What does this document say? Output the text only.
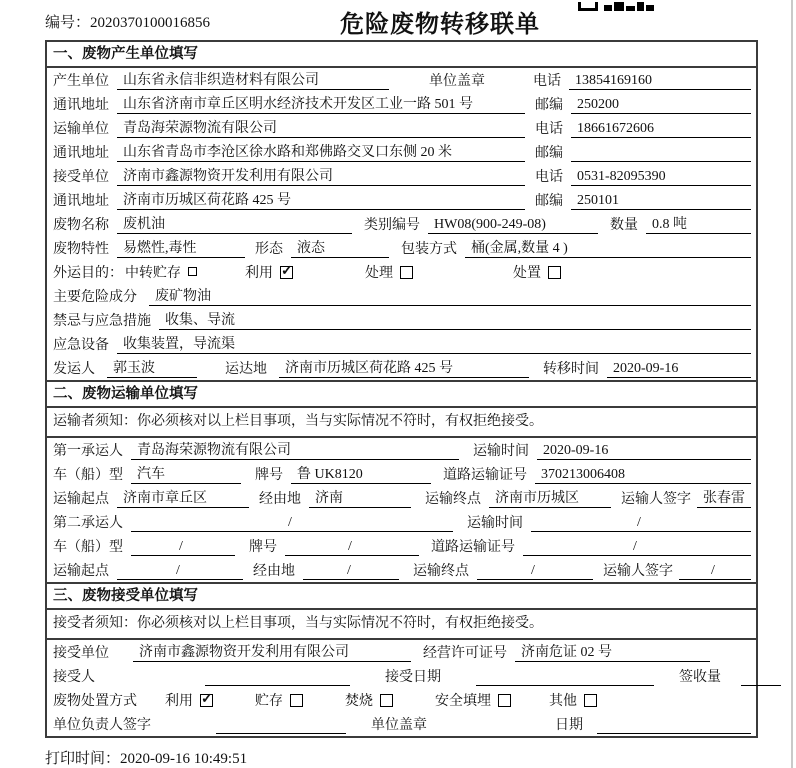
编号：2020370100016856	危险废物转移联单
一、废物产生单位填写
产生单位	山东省永信非织造材料有限公司	单位盖章	电话	13854169160
通讯地址	山东省济南市章丘区明水经济技术开发区工业一路 501 号	邮编	250200
运输单位	青岛海荣源物流有限公司	电话	18661672606
通讯地址	山东省青岛市李沧区徐水路和郑佛路交叉口东侧 20 米	邮编
接受单位	济南市鑫源物资开发利用有限公司	电话	0531-82095390
通讯地址	济南市历城区荷花路 425 号	邮编	250101
废物名称	废机油	类别编号	HW08(900-249-08)	数量	0.8 吨
废物特性	易燃性,毒性	形态	液态	包装方式	桶(金属,数量 4 )
外运目的： 中转贮存	利用 ✓	处理	处置
主要危险成分	废矿物油
禁忌与应急措施	收集、导流
应急设备	收集装置，导流渠
发运人	郭玉波	运达地	济南市历城区荷花路 425 号	转移时间	2020-09-16
二、废物运输单位填写
运输者须知：你必须核对以上栏目事项，当与实际情况不符时，有权拒绝接受。
第一承运人	青岛海荣源物流有限公司	运输时间	2020-09-16
车（船）型	汽车	牌号	鲁 UK8120	道路运输证号	370213006408
运输起点	济南市章丘区	经由地	济南	运输终点	济南市历城区	运输人签字 张春雷
第二承运人	/	运输时间	/
车（船）型	/	牌号	/	道路运输证号	/
运输起点	/	经由地	/	运输终点	/	运输人签字	/
三、废物接受单位填写
接受者须知：你必须核对以上栏目事项，当与实际情况不符时，有权拒绝接受。
接受单位	济南市鑫源物资开发利用有限公司	经营许可证号	济南危证 02 号
接受人	接受日期	签收量
废物处置方式 利用 ✓	贮存	焚烧	安全填埋	其他
单位负责人签字	单位盖章	日期
打印时间：2020-09-16 10:49:51
